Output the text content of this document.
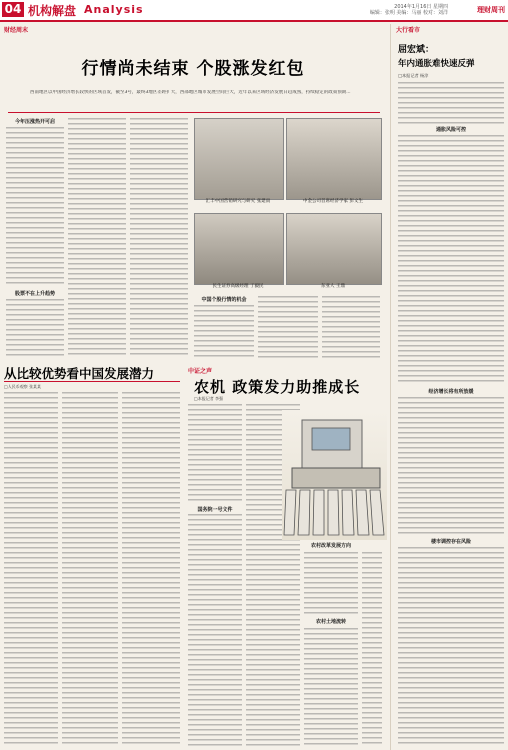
04 机构解盘 Analysis	2014年1月16日 星期四
编辑：张明 美编：马丽 校对：刘洋	理财周刊
财经周末
行情尚未结束 个股涨发红包
西南地区以中国经济增长较快的区域首发，截至3号，最终3地区差距扩大，西部地区城市发展空间巨大，近年以来区域经济发展日趋成熟，持续稳定的政策预期...
今年压涨热开可启
股票不在上升趋势
汇丰中国营销研究与研究 张建雨	中金公司首席经济学家 彭文生
民生证券高级经理 丁毅民	东亚人 王鼎
中国个股行情的机会
从比较优势看中国发展潜力
□人民币观察 张某某
中证之声
农机 政策发力助推成长
□本报记者 李强
国务院一号文件
农村改革发展方向
农村土地流转
大行看市
屈宏斌：
年内通胀难快速反弹
□本报记者 杨淳
通胀风险可控
经济增长将有所放缓
楼市调控存在风险
